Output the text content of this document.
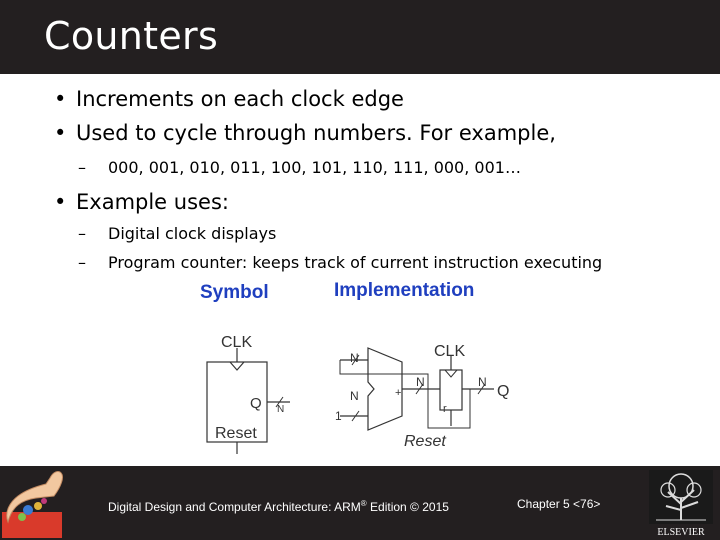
Counters
• Increments on each clock edge
• Used to cycle through numbers. For example,
– 000, 001, 010, 011, 100, 101, 110, 111, 000, 001…
• Example uses:
– Digital clock displays
– Program counter: keeps track of current instruction executing
Symbol	Implementation
CLK
Q N
Reset
N	CLK
+
N	N
Q
N
1	r
Reset
Digital Design and Computer Architecture: ARM® Edition © 2015	Chapter 5 <76>
ELSEVIER
